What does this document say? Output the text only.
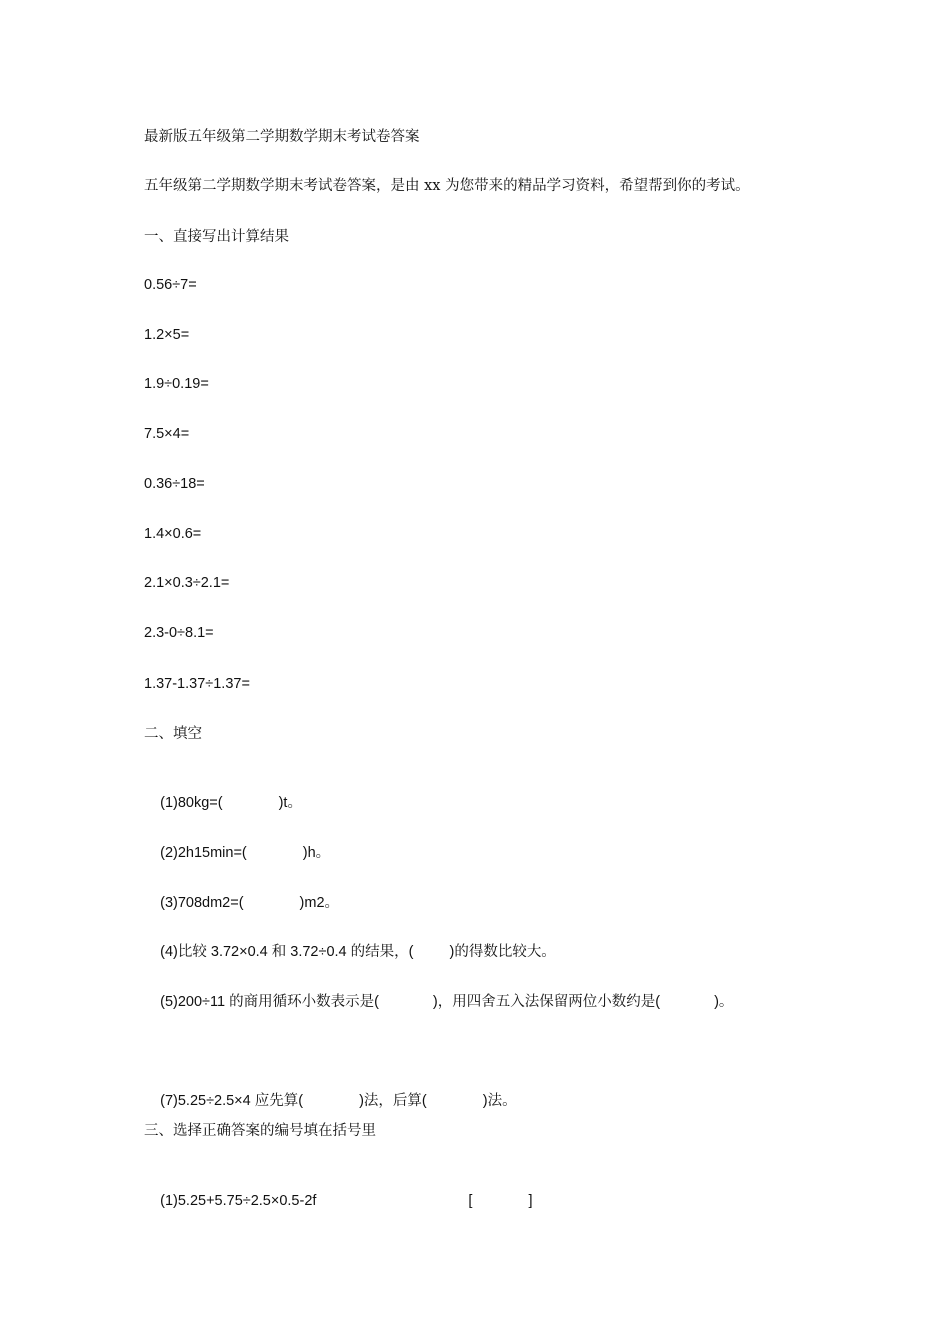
最新版五年级第二学期数学期末考试卷答案
五年级第二学期数学期末考试卷答案，是由 xx 为您带来的精品学习资料，希望帮到你的考试。
一、直接写出计算结果
0.56÷7=
1.2×5=
1.9÷0.19=
7.5×4=
0.36÷18=
1.4×0.6=
2.1×0.3÷2.1=
2.3-0÷8.1=
1.37-1.37÷1.37=
二、填空

(1)80kg=(	)t。

(2)2h15min=(	)h。

(3)708dm2=(	)m2。

(4)比较 3.72×0.4 和 3.72÷0.4 的结果，( )的得数比较大。

(5)200÷11 的商用循环小数表示是(	)，用四舍五入法保留两位小数约是(	)。

(7)5.25÷2.5×4 应先算(	)法，后算(	)法。

三、选择正确答案的编号填在括号里

(1)5.25+5.75÷2.5×0.5-2f	[	]
